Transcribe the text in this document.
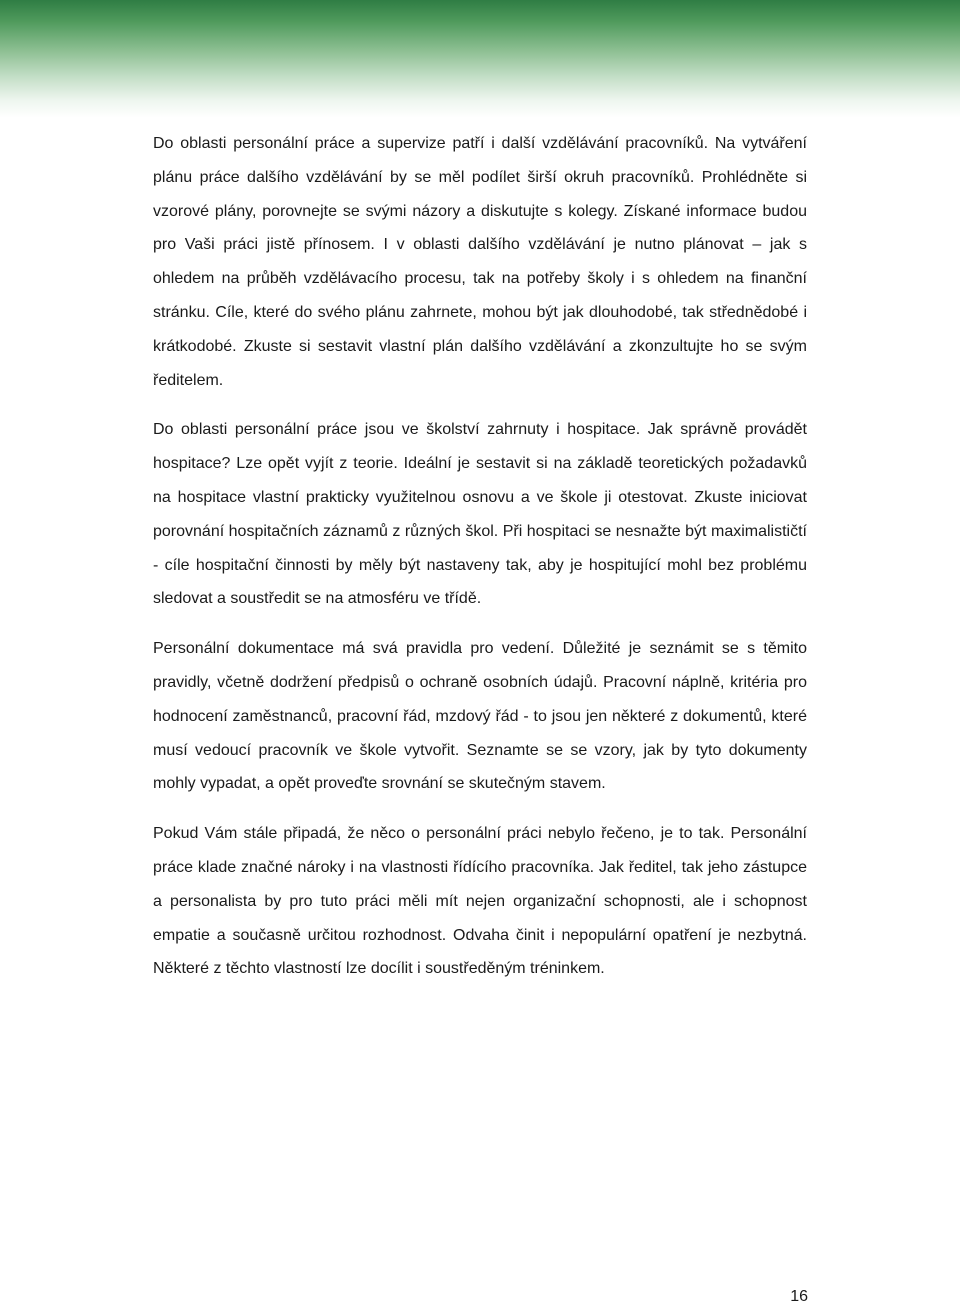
Do oblasti personální práce a supervize patří i další vzdělávání pracovníků. Na vytváření plánu práce dalšího vzdělávání by se měl podílet širší okruh pracovníků. Prohlédněte si vzorové plány, porovnejte se svými názory a diskutujte s kolegy. Získané informace budou pro Vaši práci jistě přínosem. I v oblasti dalšího vzdělávání je nutno plánovat – jak s ohledem na průběh vzdělávacího procesu, tak na potřeby školy i s ohledem na finanční stránku. Cíle, které do svého plánu zahrnete, mohou být jak dlouhodobé, tak střednědobé i krátkodobé. Zkuste si sestavit vlastní plán dalšího vzdělávání a zkonzultujte ho se svým ředitelem.

Do oblasti personální práce jsou ve školství zahrnuty i hospitace. Jak správně provádět hospitace? Lze opět vyjít z teorie. Ideální je sestavit si na základě teoretických požadavků na hospitace vlastní prakticky využitelnou osnovu a ve škole ji otestovat. Zkuste iniciovat porovnání hospitačních záznamů z různých škol. Při hospitaci se nesnažte být maximalističtí - cíle hospitační činnosti by měly být nastaveny tak, aby je hospitující mohl bez problému sledovat a soustředit se na atmosféru ve třídě.

Personální dokumentace má svá pravidla pro vedení. Důležité je seznámit se s těmito pravidly, včetně dodržení předpisů o ochraně osobních údajů. Pracovní náplně, kritéria pro hodnocení zaměstnanců, pracovní řád, mzdový řád - to jsou jen některé z dokumentů, které musí vedoucí pracovník ve škole vytvořit. Seznamte se se vzory, jak by tyto dokumenty mohly vypadat, a opět proveďte srovnání se skutečným stavem.

Pokud Vám stále připadá, že něco o personální práci nebylo řečeno, je to tak. Personální práce klade značné nároky i na vlastnosti řídícího pracovníka. Jak ředitel, tak jeho zástupce a personalista by pro tuto práci měli mít nejen organizační schopnosti, ale i schopnost empatie a současně určitou rozhodnost. Odvaha činit i nepopulární opatření je nezbytná. Některé z těchto vlastností lze docílit i soustředěným tréninkem.

16
